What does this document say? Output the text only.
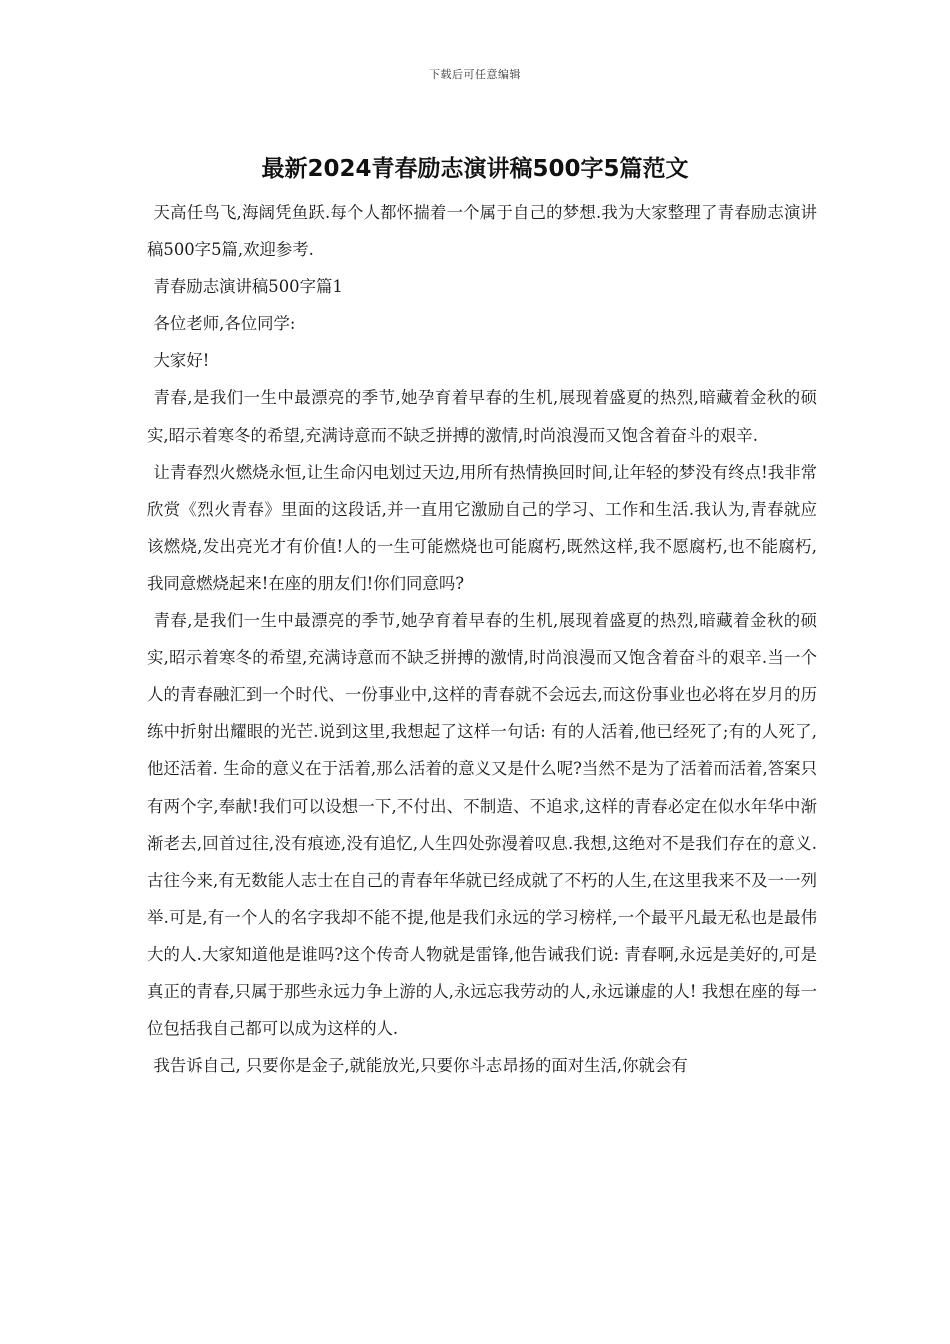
下载后可任意编辑
最新2024青春励志演讲稿500字5篇范文

天高任鸟飞,海阔凭鱼跃.每个人都怀揣着一个属于自己的梦想.我为大家整理了青春励志演讲稿500字5篇,欢迎参考.

青春励志演讲稿500字篇1

各位老师,各位同学:

大家好!

青春,是我们一生中最漂亮的季节,她孕育着早春的生机,展现着盛夏的热烈,暗藏着金秋的硕实,昭示着寒冬的希望,充满诗意而不缺乏拼搏的激情,时尚浪漫而又饱含着奋斗的艰辛.

让青春烈火燃烧永恒,让生命闪电划过天边,用所有热情换回时间,让年轻的梦没有终点!我非常欣赏《烈火青春》里面的这段话,并一直用它激励自己的学习、工作和生活.我认为,青春就应该燃烧,发出亮光才有价值!人的一生可能燃烧也可能腐朽,既然这样,我不愿腐朽,也不能腐朽,我同意燃烧起来!在座的朋友们!你们同意吗?

青春,是我们一生中最漂亮的季节,她孕育着早春的生机,展现着盛夏的热烈,暗藏着金秋的硕实,昭示着寒冬的希望,充满诗意而不缺乏拼搏的激情,时尚浪漫而又饱含着奋斗的艰辛.当一个人的青春融汇到一个时代、一份事业中,这样的青春就不会远去,而这份事业也必将在岁月的历练中折射出耀眼的光芒.说到这里,我想起了这样一句话: 有的人活着,他已经死了;有的人死了,他还活着. 生命的意义在于活着,那么活着的意义又是什么呢?当然不是为了活着而活着,答案只有两个字,奉献!我们可以设想一下,不付出、不制造、不追求,这样的青春必定在似水年华中渐渐老去,回首过往,没有痕迹,没有追忆,人生四处弥漫着叹息.我想,这绝对不是我们存在的意义.古往今来,有无数能人志士在自己的青春年华就已经成就了不朽的人生,在这里我来不及一一列举.可是,有一个人的名字我却不能不提,他是我们永远的学习榜样,一个最平凡最无私也是最伟大的人.大家知道他是谁吗?这个传奇人物就是雷锋,他告诫我们说: 青春啊,永远是美好的,可是真正的青春,只属于那些永远力争上游的人,永远忘我劳动的人,永远谦虚的人! 我想在座的每一位包括我自己都可以成为这样的人.

我告诉自己, 只要你是金子,就能放光,只要你斗志昂扬的面对生活,你就会有
